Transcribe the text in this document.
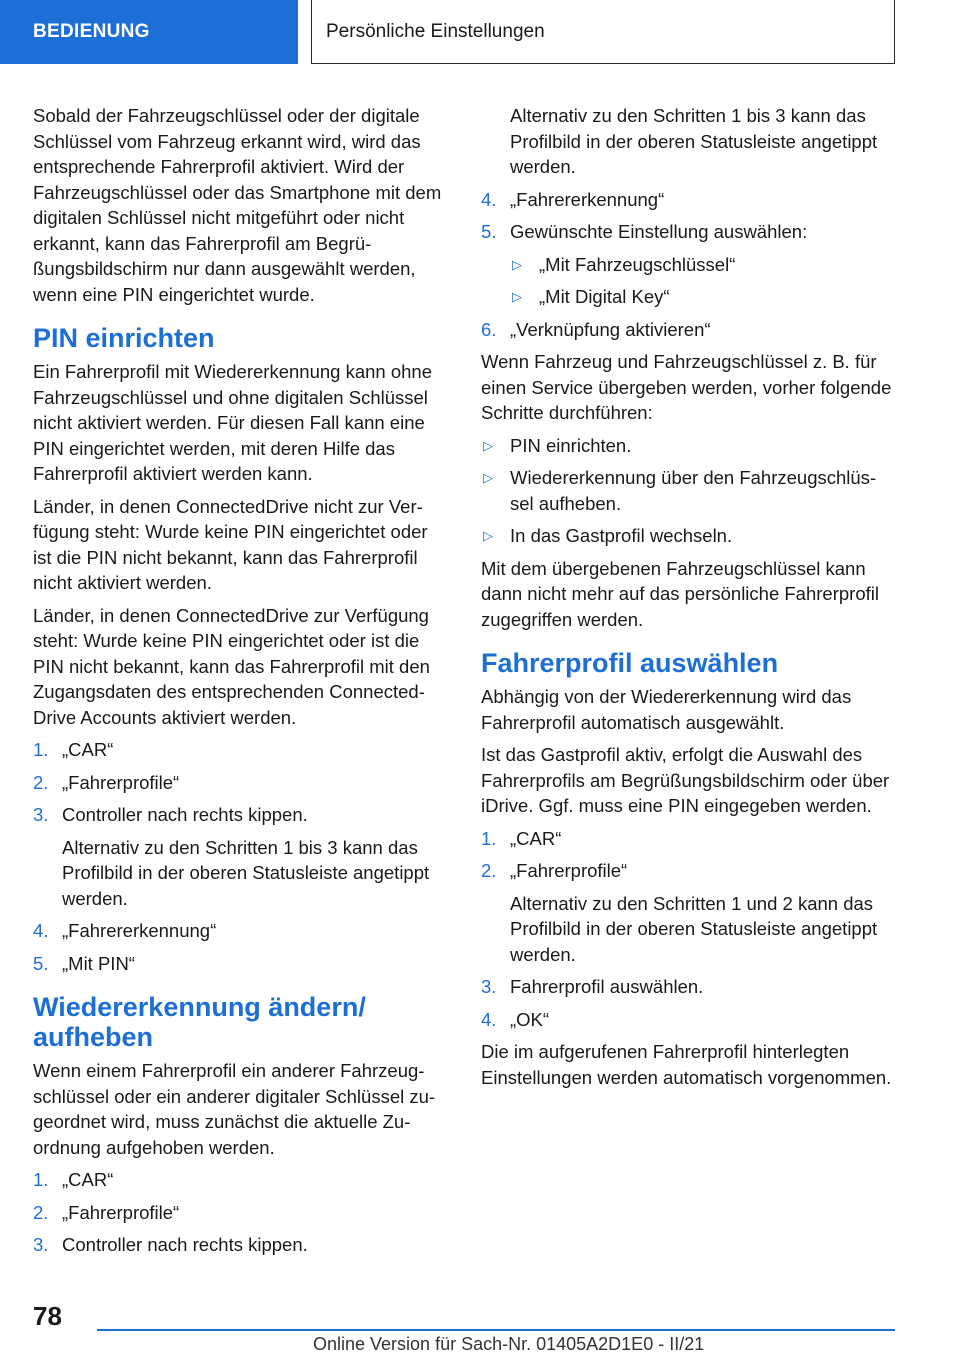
BEDIENUNG	Persönliche Einstellungen

Sobald der Fahrzeugschlüssel oder der digitale Schlüssel vom Fahrzeug erkannt wird, wird das entsprechende Fahrerprofil aktiviert. Wird der Fahrzeugschlüssel oder das Smartphone mit dem digitalen Schlüssel nicht mitgeführt oder nicht erkannt, kann das Fahrerprofil am Begrüßungsbildschirm nur dann ausgewählt werden, wenn eine PIN eingerichtet wurde.

PIN einrichten

Ein Fahrerprofil mit Wiedererkennung kann ohne Fahrzeugschlüssel und ohne digitalen Schlüssel nicht aktiviert werden. Für diesen Fall kann eine PIN eingerichtet werden, mit deren Hilfe das Fahrerprofil aktiviert werden kann.

Länder, in denen ConnectedDrive nicht zur Verfügung steht: Wurde keine PIN eingerichtet oder ist die PIN nicht bekannt, kann das Fahrerprofil nicht aktiviert werden.

Länder, in denen ConnectedDrive zur Verfügung steht: Wurde keine PIN eingerichtet oder ist die PIN nicht bekannt, kann das Fahrerprofil mit den Zugangsdaten des entsprechenden ConnectedDrive Accounts aktiviert werden.

1. „CAR“
2. „Fahrerprofile“
3. Controller nach rechts kippen.
Alternativ zu den Schritten 1 bis 3 kann das Profilbild in der oberen Statusleiste angetippt werden.
4. „Fahrererkennung“
5. „Mit PIN“
Wiedererkennung ändern/ aufheben

Wenn einem Fahrerprofil ein anderer Fahrzeugschlüssel oder ein anderer digitaler Schlüssel zugeordnet wird, muss zunächst die aktuelle Zuordnung aufgehoben werden.

1. „CAR“
2. „Fahrerprofile“
3. Controller nach rechts kippen.
Alternativ zu den Schritten 1 bis 3 kann das Profilbild in der oberen Statusleiste angetippt werden.
4. „Fahrererkennung“
5. Gewünschte Einstellung auswählen:
▷ „Mit Fahrzeugschlüssel“
▷ „Mit Digital Key“
6. „Verknüpfung aktivieren“

Wenn Fahrzeug und Fahrzeugschlüssel z. B. für einen Service übergeben werden, vorher folgende Schritte durchführen:

▷ PIN einrichten.
▷ Wiedererkennung über den Fahrzeugschlüssel aufheben.
▷ In das Gastprofil wechseln.

Mit dem übergebenen Fahrzeugschlüssel kann dann nicht mehr auf das persönliche Fahrerprofil zugegriffen werden.

Fahrerprofil auswählen

Abhängig von der Wiedererkennung wird das Fahrerprofil automatisch ausgewählt.

Ist das Gastprofil aktiv, erfolgt die Auswahl des Fahrerprofils am Begrüßungsbildschirm oder über iDrive. Ggf. muss eine PIN eingegeben werden.

1. „CAR“
2. „Fahrerprofile“
Alternativ zu den Schritten 1 und 2 kann das Profilbild in der oberen Statusleiste angetippt werden.
3. Fahrerprofil auswählen.
4. „OK“

Die im aufgerufenen Fahrerprofil hinterlegten Einstellungen werden automatisch vorgenommen.

78
Online Version für Sach-Nr. 01405A2D1E0 - II/21
